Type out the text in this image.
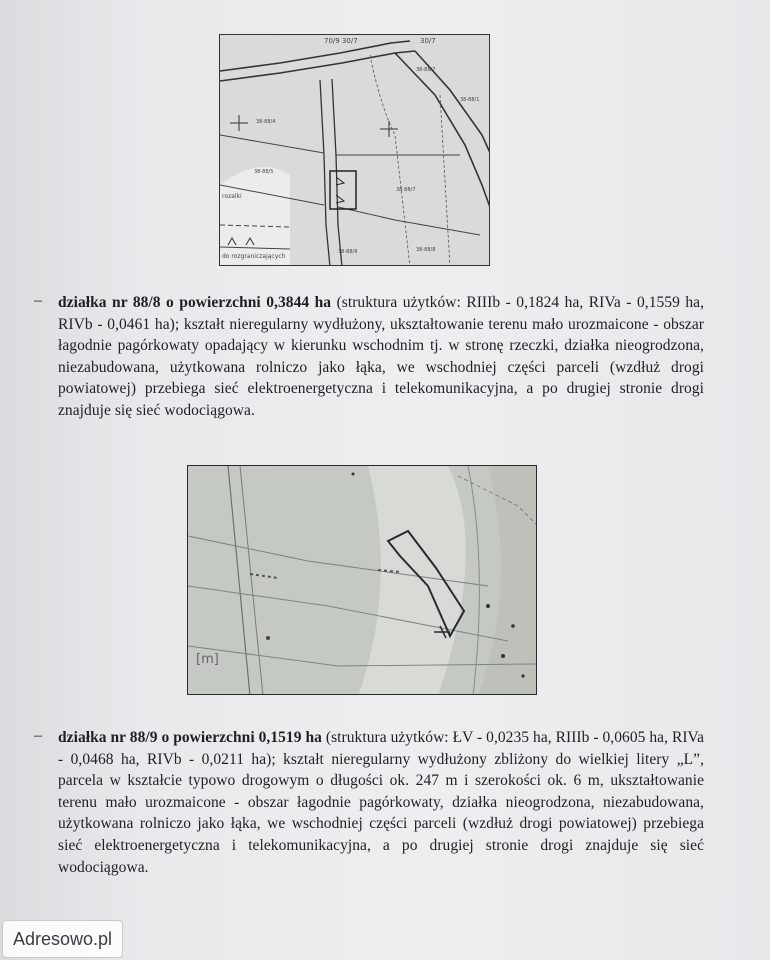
70/9 30/7	30/7
38-88/7
38-88/1
38-88/4
38-88/5
38-88/7
38-88/8
38-88/9
rozalki
do rozgraniczających
– działka nr 88/8 o powierzchni 0,3844 ha (struktura użytków: RIIIb - 0,1824 ha, RIVa - 0,1559 ha, RIVb - 0,0461 ha); kształt nieregularny wydłużony, ukształtowanie terenu mało urozmaicone - obszar łagodnie pagórkowaty opadający w kierunku wschodnim tj. w stronę rzeczki, działka nieogrodzona, niezabudowana, użytkowana rolniczo jako łąka, we wschodniej części parceli (wzdłuż drogi powiatowej) przebiega sieć elektroenergetyczna i telekomunikacyjna, a po drugiej stronie drogi znajduje się sieć wodociągowa.
[m]
– działka nr 88/9 o powierzchni 0,1519 ha (struktura użytków: ŁV - 0,0235 ha, RIIIb - 0,0605 ha, RIVa - 0,0468 ha, RIVb - 0,0211 ha); kształt nieregularny wydłużony zbliżony do wielkiej litery „L”, parcela w kształcie typowo drogowym o długości ok. 247 m i szerokości ok. 6 m, ukształtowanie terenu mało urozmaicone - obszar łagodnie pagórkowaty, działka nieogrodzona, niezabudowana, użytkowana rolniczo jako łąka, we wschodniej części parceli (wzdłuż drogi powiatowej) przebiega sieć elektroenergetyczna i telekomunikacyjna, a po drugiej stronie drogi znajduje się sieć wodociągowa.
Adresowo.pl
